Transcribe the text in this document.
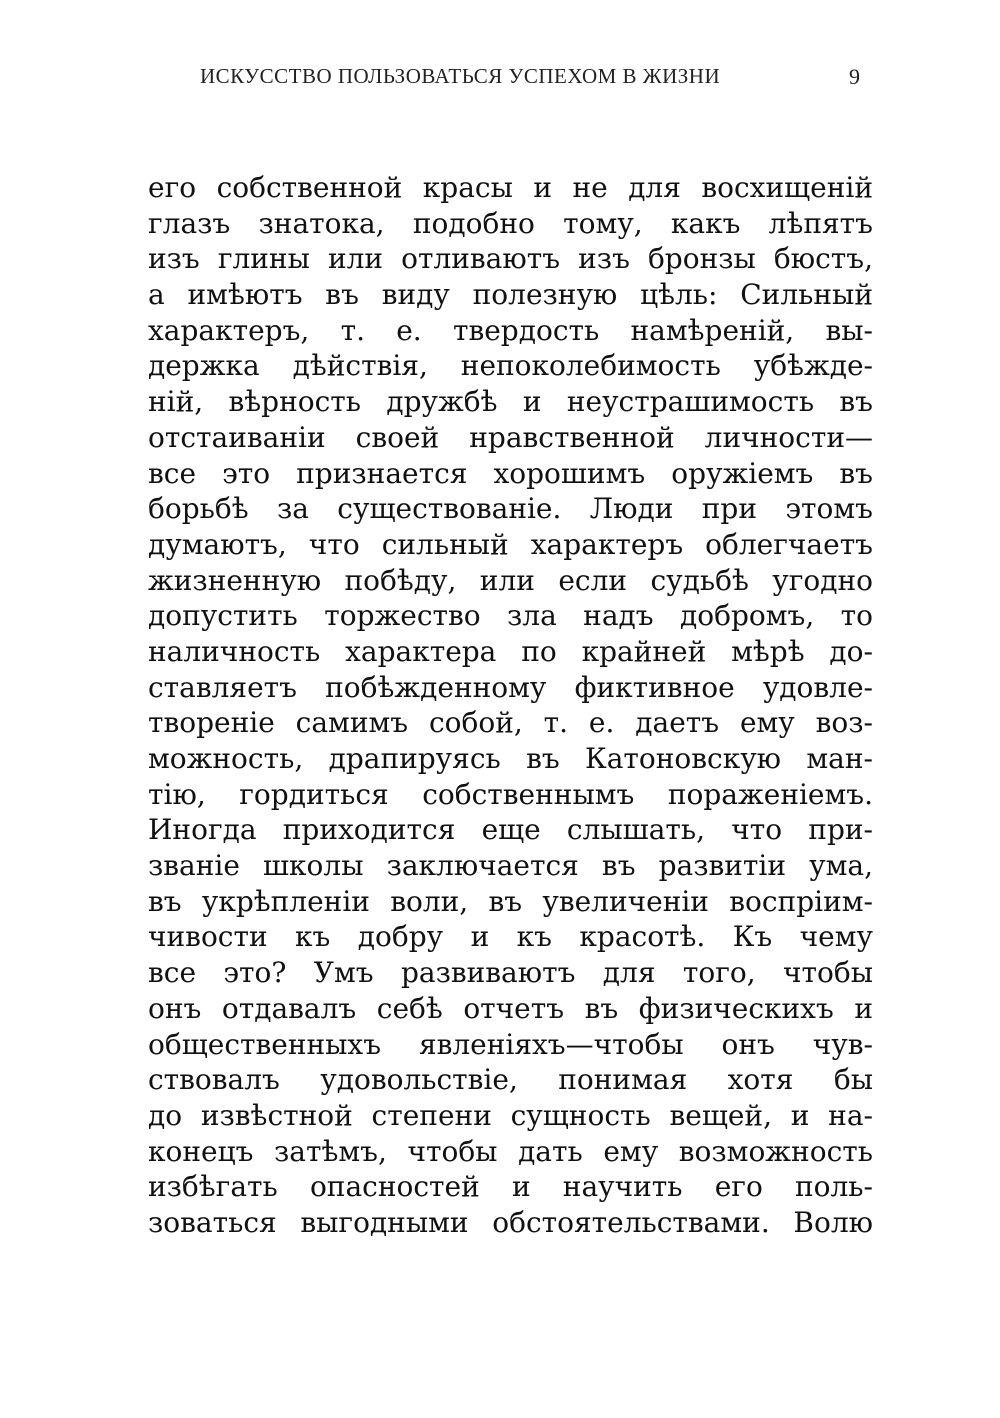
ИСКУССТВО ПОЛЬЗОВАТЬСЯ УСПЕХОМ В ЖИЗНИ	9
его собственной красы и не для восхищеній
глазъ знатока, подобно тому, какъ лѣпятъ
изъ глины или отливаютъ изъ бронзы бюстъ,
а имѣютъ въ виду полезную цѣль: Сильный
характеръ, т. е. твердость намѣреній, вы-
держка дѣйствія, непоколебимость убѣжде-
ній, вѣрность дружбѣ и неустрашимость въ
отстаиваніи своей нравственной личности—
все это признается хорошимъ оружіемъ въ
борьбѣ за существованіе. Люди при этомъ
думаютъ, что сильный характеръ облегчаетъ
жизненную побѣду, или если судьбѣ угодно
допустить торжество зла надъ добромъ, то
наличность характера по крайней мѣрѣ до-
ставляетъ побѣжденному фиктивное удовле-
твореніе самимъ собой, т. е. даетъ ему воз-
можность, драпируясь въ Катоновскую ман-
тію, гордиться собственнымъ пораженіемъ.
Иногда приходится еще слышать, что при-
званіе школы заключается въ развитіи ума,
въ укрѣпленіи воли, въ увеличеніи воспріим-
чивости къ добру и къ красотѣ. Къ чему
все это? Умъ развиваютъ для того, чтобы
онъ отдавалъ себѣ отчетъ въ физическихъ и
общественныхъ явленіяхъ—чтобы онъ чув-
ствовалъ удовольствіе, понимая хотя бы
до извѣстной степени сущность вещей, и на-
конецъ затѣмъ, чтобы дать ему возможность
избѣгать опасностей и научить его поль-
зоваться выгодными обстоятельствами. Волю
